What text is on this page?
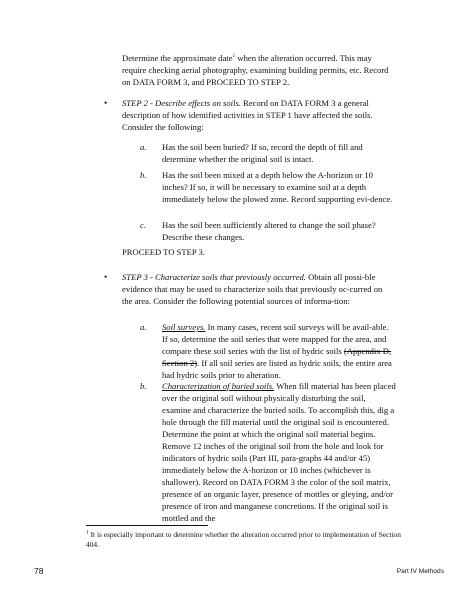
Determine the approximate date$^1$ when the alteration occurred. This may require checking aerial photography, examining building permits, etc. Record on DATA FORM 3, and PROCEED TO STEP 2.
• STEP 2 - Describe effects on soils. Record on DATA FORM 3 a general description of how identified activities in STEP 1 have affected the soils. Consider the following:
a. Has the soil been buried? If so, record the depth of fill and determine whether the original soil is intact.
b. Has the soil been mixed at a depth below the A-horizon or 10 inches? If so, it will be necessary to examine soil at a depth immediately below the plowed zone. Record supporting evi-dence.
c. Has the soil been sufficiently altered to change the soil phase? Describe these changes.
PROCEED TO STEP 3.
• STEP 3 - Characterize soils that previously occurred. Obtain all possi-ble evidence that may be used to characterize soils that previously oc-curred on the area. Consider the following potential sources of informa-tion:
a. Soil surveys. In many cases, recent soil surveys will be avail-able. If so, determine the soil series that were mapped for the area, and compare these soil series with the list of hydric soils (Appendix D, Section 2). If all soil series are listed as hydric soils, the entire area had hydric soils prior to alteration.
b. Characterization of buried soils. When fill material has been placed over the original soil without physically disturbing the soil, examine and characterize the buried soils. To accomplish this, dig a hole through the fill material until the original soil is encountered. Determine the point at which the original soil material begins. Remove 12 inches of the original soil from the hole and look for indicators of hydric soils (Part III, para-graphs 44 and/or 45) immediately below the A-horizon or 10 inches (whichever is shallower). Record on DATA FORM 3 the color of the soil matrix, presence of an organic layer, presence of mottles or gleying, and/or presence of iron and manganese concretions. If the original soil is mottled and the
$^1$ It is especially important to determine whether the alteration occurred prior to implementation of Section 404.
78	Part IV Methods
